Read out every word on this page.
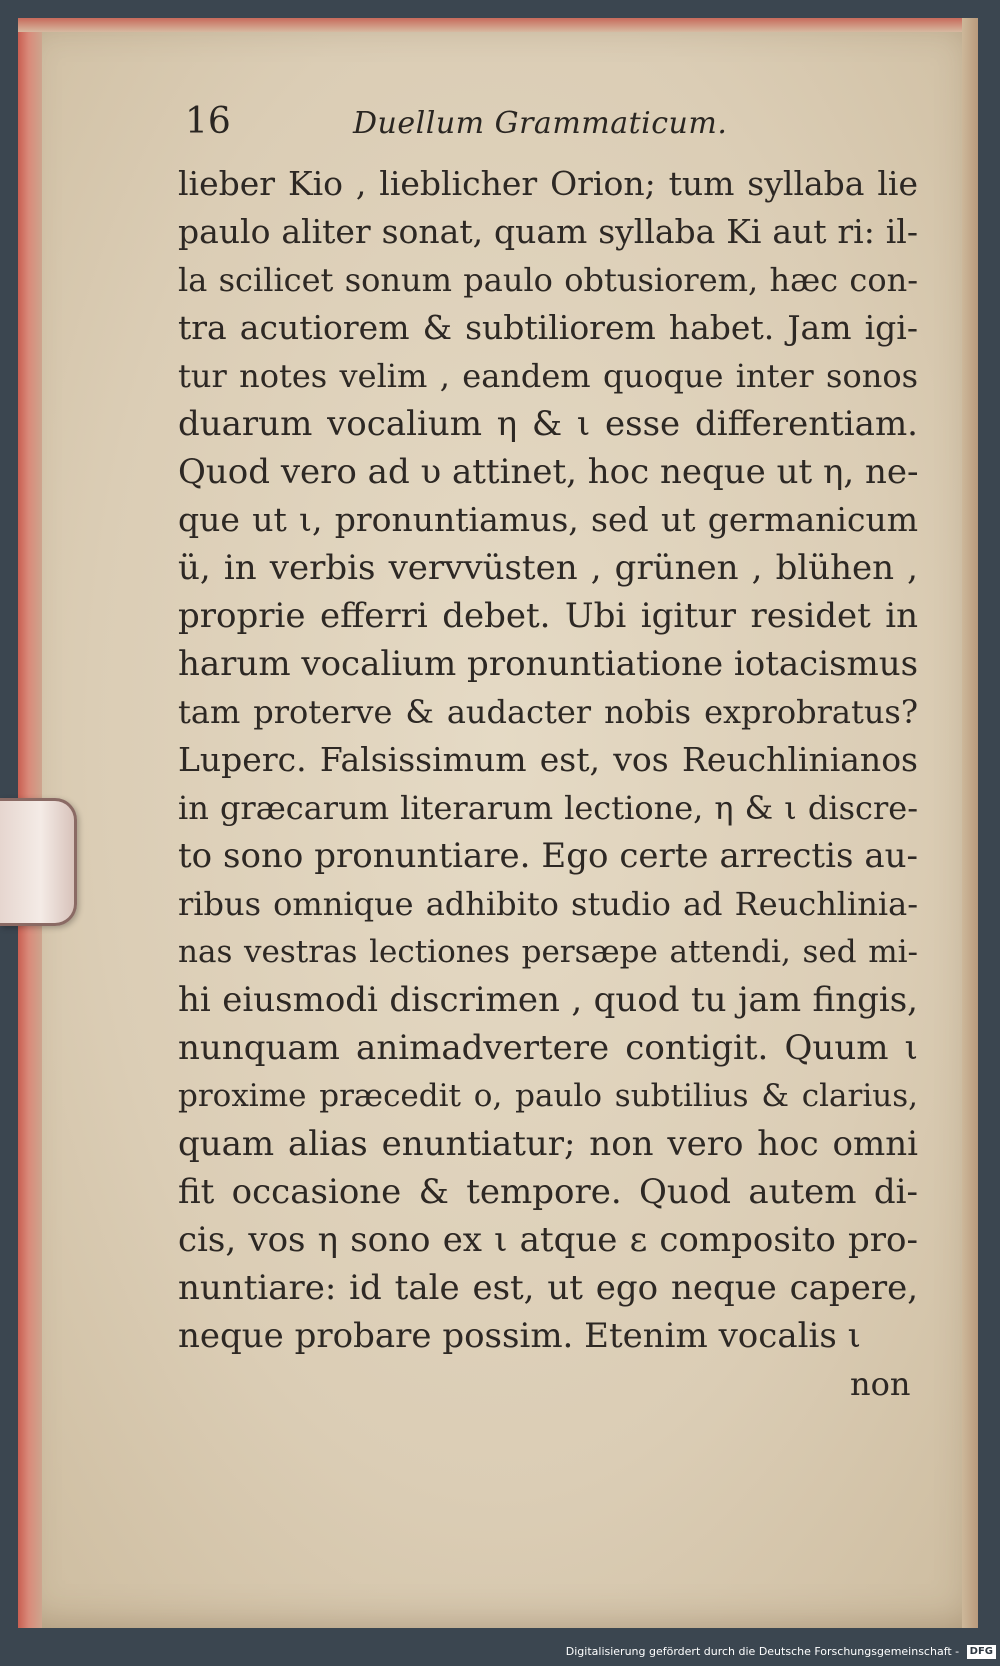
16	Duellum Grammaticum.
lieber Kio , lieblicher Orion; tum syllaba lie
paulo aliter sonat, quam syllaba Ki aut ri: il-
la scilicet sonum paulo obtusiorem, hæc con-
tra acutiorem & subtiliorem habet. Jam igi-
tur notes velim , eandem quoque inter sonos
duarum vocalium η & ι esse differentiam.
Quod vero ad υ attinet, hoc neque ut η, ne-
que ut ι, pronuntiamus, sed ut germanicum
ü, in verbis vervvüsten , grünen , blühen ,
proprie efferri debet. Ubi igitur residet in
harum vocalium pronuntiatione iotacismus
tam proterve & audacter nobis exprobratus?
Luperc. Falsissimum est, vos Reuchlinianos
in græcarum literarum lectione, η & ι discre-
to sono pronuntiare. Ego certe arrectis au-
ribus omnique adhibito studio ad Reuchlinia-
nas vestras lectiones persæpe attendi, sed mi-
hi eiusmodi discrimen , quod tu jam fingis,
nunquam animadvertere contigit. Quum ι
proxime præcedit ο, paulo subtilius & clarius,
quam alias enuntiatur; non vero hoc omni
fit occasione & tempore. Quod autem di-
cis, vos η sono ex ι atque ε composito pro-
nuntiare: id tale est, ut ego neque capere,
neque probare possim. Etenim vocalis ι
non
Digitalisierung gefördert durch die Deutsche Forschungsgemeinschaft - DFG
